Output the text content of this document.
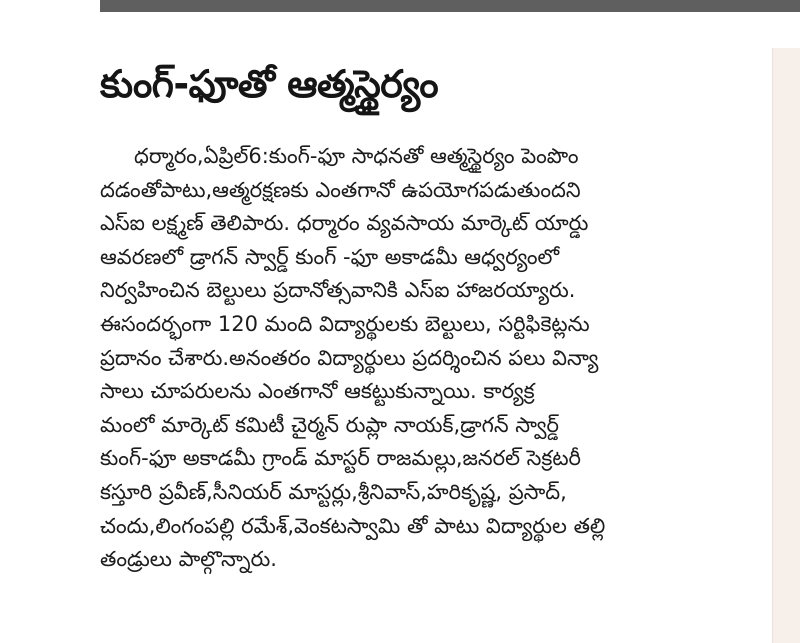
కుంగ్‌-ఫూతో ఆత్మస్థైర్యం
ధర్మారం,ఏప్రిల్6:కుంగ్‌-ఫూ సాధనతో ఆత్మస్థైర్యం పెంపొం
దడంతోపాటు,ఆత్మరక్షణకు ఎంతగానో ఉపయోగపడుతుందని
ఎస్ఐ లక్ష్మణ్ తెలిపారు. ధర్మారం వ్యవసాయ మార్కెట్ యార్డు
ఆవరణలో డ్రాగన్ స్వార్డ్ కుంగ్ -ఫూ అకాడమీ ఆధ్వర్యంలో
నిర్వహించిన బెల్టులు ప్రదానోత్సవానికి ఎస్ఐ హాజరయ్యారు.
ఈసందర్భంగా 120 మంది విద్యార్థులకు బెల్టులు, సర్టిఫికెట్లను
ప్రదానం చేశారు.అనంతరం విద్యార్థులు ప్రదర్శించిన పలు విన్యా
సాలు చూపరులను ఎంతగానో ఆకట్టుకున్నాయి. కార్యక్ర
మంలో మార్కెట్ కమిటీ చైర్మన్ రుప్లా నాయక్,డ్రాగన్ స్వార్డ్
కుంగ్‌-ఫూ అకాడమీ గ్రాండ్ మాస్టర్ రాజమల్లు,జనరల్ సెక్రటరీ
కస్తూరి ప్రవీణ్,సీనియర్ మాస్టర్లు,శ్రీనివాస్,హరికృష్ణ, ప్రసాద్,
చందు,లింగంపల్లి రమేశ్,వెంకటస్వామి తో పాటు విద్యార్థుల తల్లి
తండ్రులు పాల్గొన్నారు.
